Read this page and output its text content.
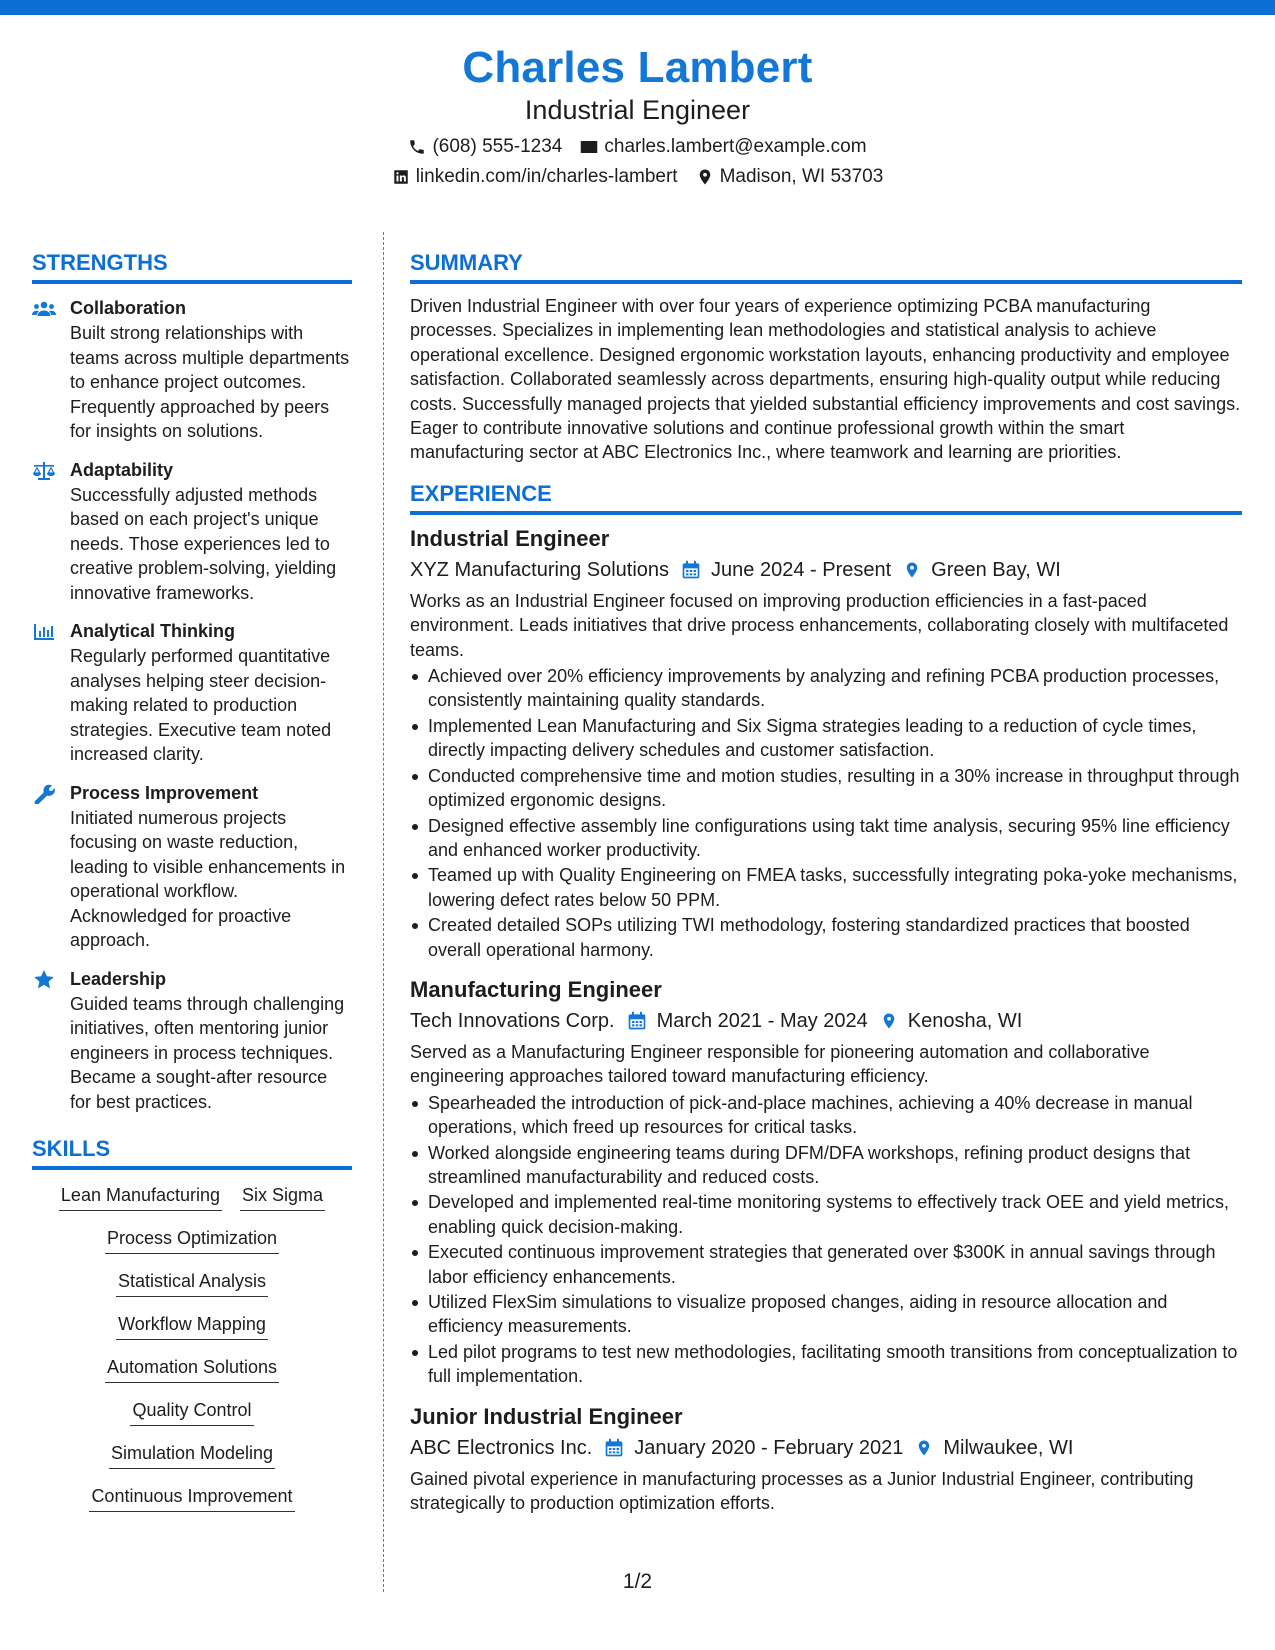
Charles Lambert
Industrial Engineer
(608) 555-1234 charles.lambert@example.com
linkedin.com/in/charles-lambert Madison, WI 53703
STRENGTHS
Collaboration
Built strong relationships with teams across multiple departments to enhance project outcomes. Frequently approached by peers for insights on solutions.
Adaptability
Successfully adjusted methods based on each project's unique needs. Those experiences led to creative problem-solving, yielding innovative frameworks.
Analytical Thinking
Regularly performed quantitative analyses helping steer decision-making related to production strategies. Executive team noted increased clarity.
Process Improvement
Initiated numerous projects focusing on waste reduction, leading to visible enhancements in operational workflow. Acknowledged for proactive approach.
Leadership
Guided teams through challenging initiatives, often mentoring junior engineers in process techniques. Became a sought-after resource for best practices.
SKILLS
Lean Manufacturing Six Sigma
Process Optimization
Statistical Analysis
Workflow Mapping
Automation Solutions
Quality Control
Simulation Modeling
Continuous Improvement
SUMMARY
Driven Industrial Engineer with over four years of experience optimizing PCBA manufacturing processes. Specializes in implementing lean methodologies and statistical analysis to achieve operational excellence. Designed ergonomic workstation layouts, enhancing productivity and employee satisfaction. Collaborated seamlessly across departments, ensuring high-quality output while reducing costs. Successfully managed projects that yielded substantial efficiency improvements and cost savings. Eager to contribute innovative solutions and continue professional growth within the smart manufacturing sector at ABC Electronics Inc., where teamwork and learning are priorities.
EXPERIENCE
Industrial Engineer
XYZ Manufacturing Solutions June 2024 - Present Green Bay, WI
Works as an Industrial Engineer focused on improving production efficiencies in a fast-paced environment. Leads initiatives that drive process enhancements, collaborating closely with multifaceted teams.
Achieved over 20% efficiency improvements by analyzing and refining PCBA production processes, consistently maintaining quality standards.
Implemented Lean Manufacturing and Six Sigma strategies leading to a reduction of cycle times, directly impacting delivery schedules and customer satisfaction.
Conducted comprehensive time and motion studies, resulting in a 30% increase in throughput through optimized ergonomic designs.
Designed effective assembly line configurations using takt time analysis, securing 95% line efficiency and enhanced worker productivity.
Teamed up with Quality Engineering on FMEA tasks, successfully integrating poka-yoke mechanisms, lowering defect rates below 50 PPM.
Created detailed SOPs utilizing TWI methodology, fostering standardized practices that boosted overall operational harmony.
Manufacturing Engineer
Tech Innovations Corp. March 2021 - May 2024 Kenosha, WI
Served as a Manufacturing Engineer responsible for pioneering automation and collaborative engineering approaches tailored toward manufacturing efficiency.
Spearheaded the introduction of pick-and-place machines, achieving a 40% decrease in manual operations, which freed up resources for critical tasks.
Worked alongside engineering teams during DFM/DFA workshops, refining product designs that streamlined manufacturability and reduced costs.
Developed and implemented real-time monitoring systems to effectively track OEE and yield metrics, enabling quick decision-making.
Executed continuous improvement strategies that generated over $300K in annual savings through labor efficiency enhancements.
Utilized FlexSim simulations to visualize proposed changes, aiding in resource allocation and efficiency measurements.
Led pilot programs to test new methodologies, facilitating smooth transitions from conceptualization to full implementation.
Junior Industrial Engineer
ABC Electronics Inc. January 2020 - February 2021 Milwaukee, WI
Gained pivotal experience in manufacturing processes as a Junior Industrial Engineer, contributing strategically to production optimization efforts.
1/2
